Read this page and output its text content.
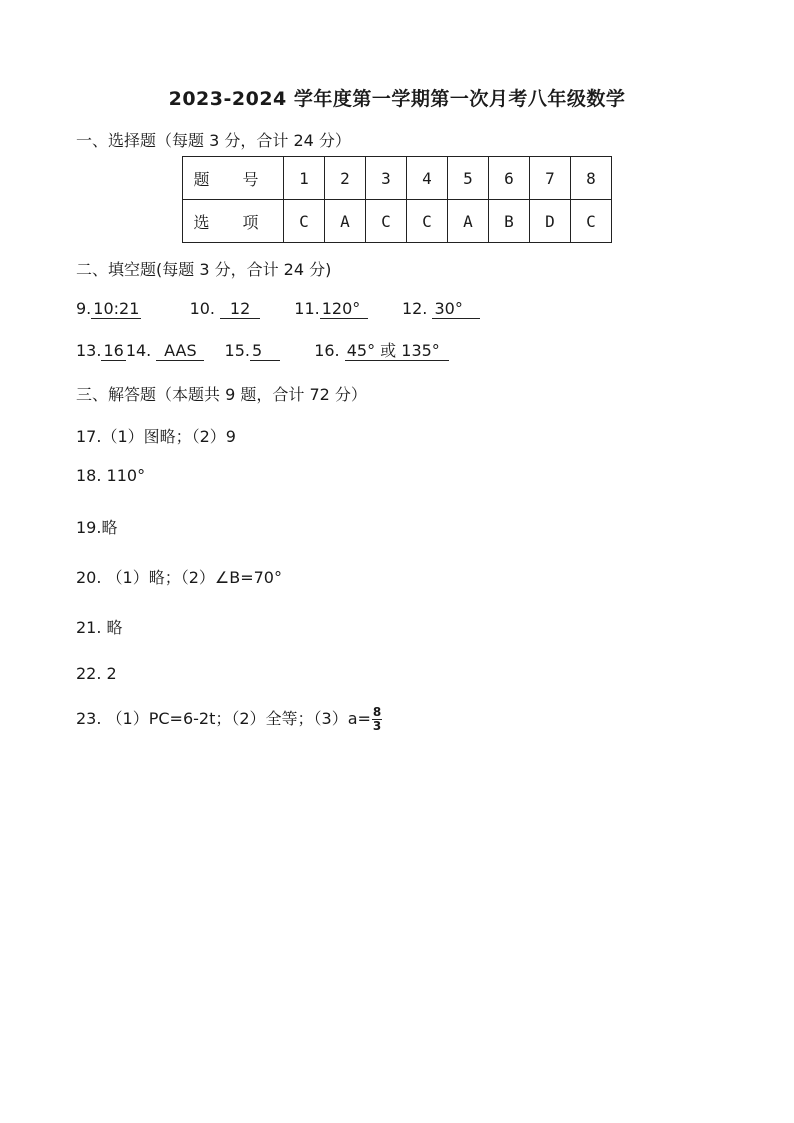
2023-2024 学年度第一学期第一次月考八年级数学
一、选择题（每题 3 分，合计 24 分）
题 号	1	2	3	4	5	6	7	8
选 项	C	A	C	C	A	B	D	C
二、填空题(每题 3 分，合计 24 分)
9. 10:21	10. 12	11. 120°	12. 30°
13. 16 14. AAS 15. 5	16. 45° 或 135°
三、解答题（本题共 9 题，合计 72 分）
17.（1）图略；（2）9
18. 110°
19.略
20. （1）略；（2）∠B=70°
21. 略
22. 2
23. （1）PC=6-2t；（2）全等；$(3)a= \frac{8}{3}$
